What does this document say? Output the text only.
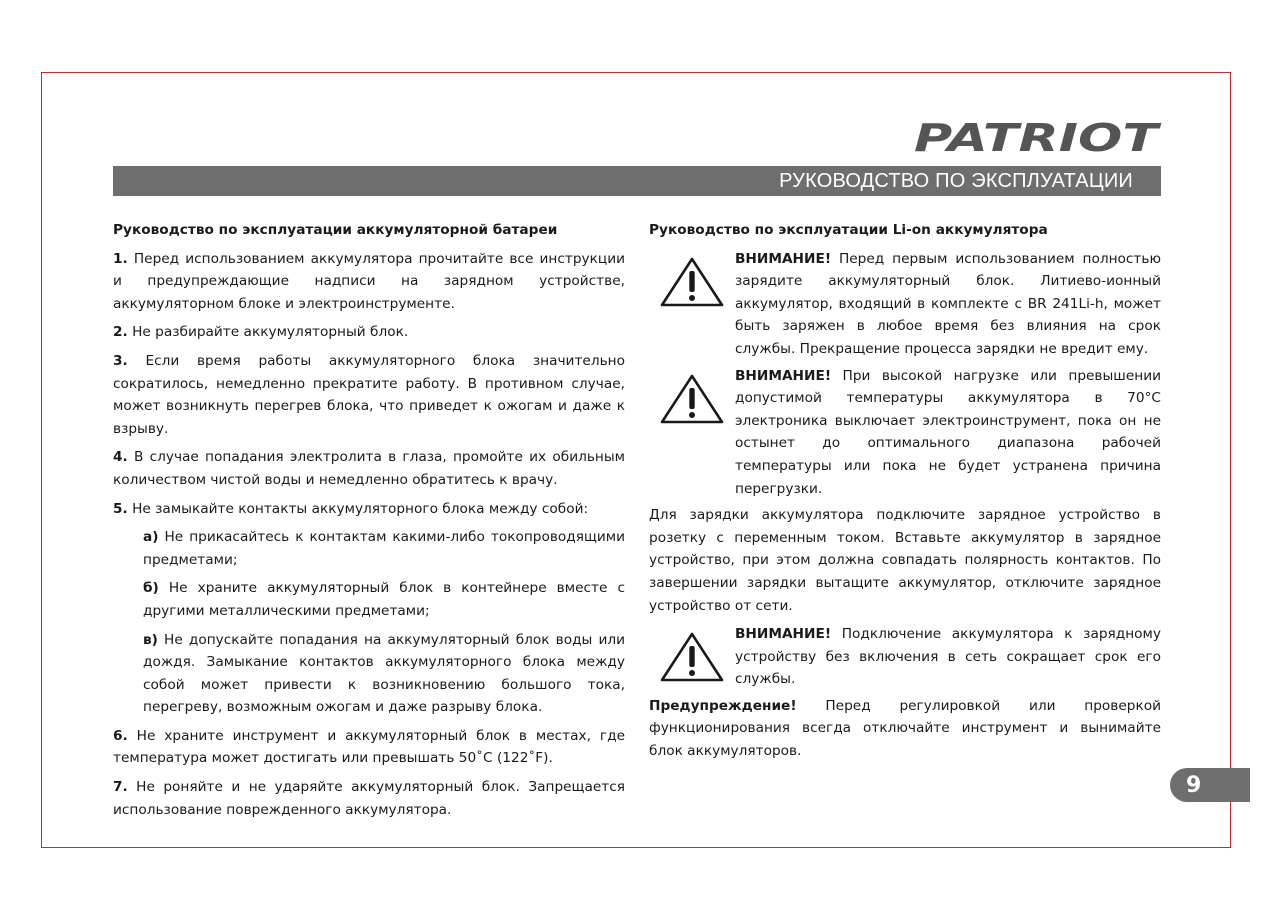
PATRIOT
РУКОВОДСТВО ПО ЭКСПЛУАТАЦИИ
Руководство по эксплуатации аккумуляторной батареи

1. Перед использованием аккумулятора прочитайте все инструкции и предупреждающие надписи на зарядном устройстве, аккумуляторном блоке и электроинструменте.

2. Не разбирайте аккумуляторный блок.

3. Если время работы аккумуляторного блока значительно сократилось, немедленно прекратите работу. В противном случае, может возникнуть перегрев блока, что приведет к ожогам и даже к взрыву.

4. В случае попадания электролита в глаза, промойте их обильным количеством чистой воды и немедленно обратитесь к врачу.

5. Не замыкайте контакты аккумуляторного блока между собой:

а) Не прикасайтесь к контактам какими-либо токопроводящими предметами;

б) Не храните аккумуляторный блок в контейнере вместе с другими металлическими предметами;

в) Не допускайте попадания на аккумуляторный блок воды или дождя. Замыкание контактов аккумуляторного блока между собой может привести к возникновению большого тока, перегреву, возможным ожогам и даже разрыву блока.

6. Не храните инструмент и аккумуляторный блок в местах, где температура может достигать или превышать 50˚C (122˚F).

7. Не роняйте и не ударяйте аккумуляторный блок. Запрещается использование поврежденного аккумулятора.

Руководство по эксплуатации Li-on аккумулятора

ВНИМАНИЕ! Перед первым использованием полностью зарядите аккумуляторный блок. Литиево-ионный аккумулятор, входящий в комплекте с BR 241Li-h, может быть заряжен в любое время без влияния на срок службы. Прекращение процесса зарядки не вредит ему.

ВНИМАНИЕ! При высокой нагрузке или превышении допустимой температуры аккумулятора в 70°C электроника выключает электроинструмент, пока он не остынет до оптимального диапазона рабочей температуры или пока не будет устранена причина перегрузки.

Для зарядки аккумулятора подключите зарядное устройство в розетку с переменным током. Вставьте аккумулятор в зарядное устройство, при этом должна совпадать полярность контактов. По завершении зарядки вытащите аккумулятор, отключите зарядное устройство от сети.

ВНИМАНИЕ! Подключение аккумулятора к зарядному устройству без включения в сеть сокращает срок его службы.

Предупреждение! Перед регулировкой или проверкой функционирования всегда отключайте инструмент и вынимайте блок аккумуляторов.

9
